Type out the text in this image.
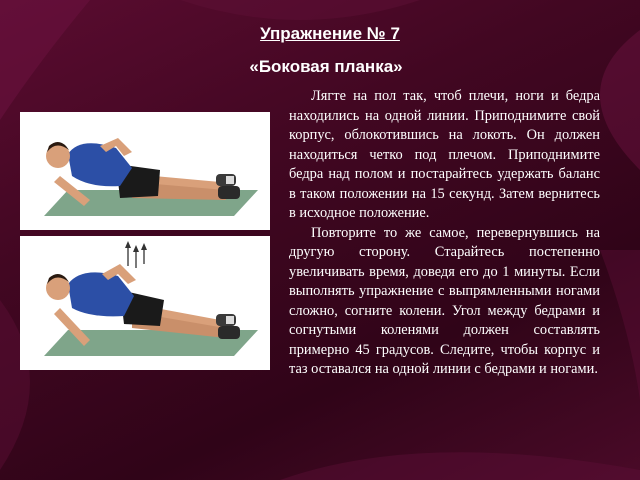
Упражнение № 7
«Боковая планка»

Лягте на пол так, чтоб плечи, ноги и бедра находились на одной линии. Приподнимите свой корпус, облокотившись на локоть. Он должен находиться четко под плечом. Приподнимите бедра над полом и постарайтесь удержать баланс в таком положении на 15 секунд. Затем вернитесь в исходное положение.

Повторите то же самое, перевернувшись на другую сторону. Старайтесь постепенно увеличивать время, доведя его до 1 минуты. Если выполнять упражнение с выпрямленными ногами сложно, согните колени. Угол между бедрами и согнутыми коленями должен составлять примерно 45 градусов. Следите, чтобы корпус и таз оставался на одной линии с бедрами и ногами.
